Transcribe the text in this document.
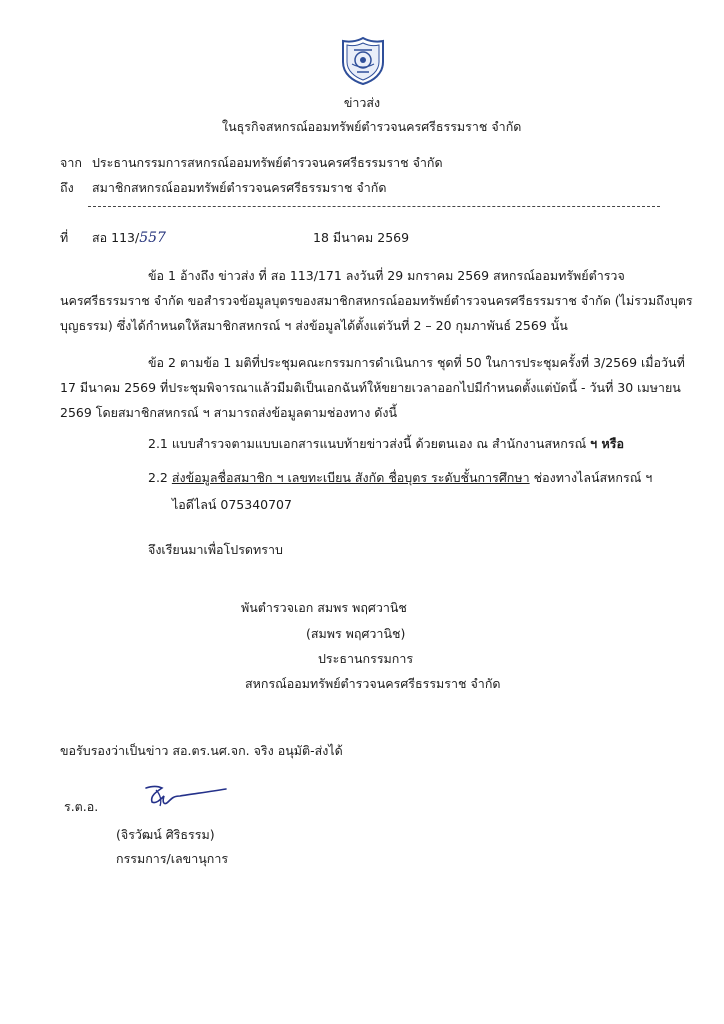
ข่าวส่ง
ในธุรกิจสหกรณ์ออมทรัพย์ตำรวจนครศรีธรรมราช จำกัด
จาก ประธานกรรมการสหกรณ์ออมทรัพย์ตำรวจนครศรีธรรมราช จำกัด
ถึง สมาชิกสหกรณ์ออมทรัพย์ตำรวจนครศรีธรรมราช จำกัด
ที่ สอ 113/557	18 มีนาคม 2569
ข้อ 1 อ้างถึง ข่าวส่ง ที่ สอ 113/171 ลงวันที่ 29 มกราคม 2569 สหกรณ์ออมทรัพย์ตำรวจ
นครศรีธรรมราช จำกัด ขอสำรวจข้อมูลบุตรของสมาชิกสหกรณ์ออมทรัพย์ตำรวจนครศรีธรรมราช จำกัด (ไม่รวมถึงบุตร
บุญธรรม) ซึ่งได้กำหนดให้สมาชิกสหกรณ์ ฯ ส่งข้อมูลได้ตั้งแต่วันที่ 2 – 20 กุมภาพันธ์ 2569 นั้น
ข้อ 2 ตามข้อ 1 มติที่ประชุมคณะกรรมการดำเนินการ ชุดที่ 50 ในการประชุมครั้งที่ 3/2569 เมื่อวันที่
17 มีนาคม 2569 ที่ประชุมพิจารณาแล้วมีมติเป็นเอกฉันท์ให้ขยายเวลาออกไปมีกำหนดตั้งแต่บัดนี้ - วันที่ 30 เมษายน
2569 โดยสมาชิกสหกรณ์ ฯ สามารถส่งข้อมูลตามช่องทาง ดังนี้
2.1 แบบสำรวจตามแบบเอกสารแนบท้ายข่าวส่งนี้ ด้วยตนเอง ณ สำนักงานสหกรณ์ ฯ หรือ
2.2 ส่งข้อมูลชื่อสมาชิก ฯ เลขทะเบียน สังกัด ชื่อบุตร ระดับชั้นการศึกษา ช่องทางไลน์สหกรณ์ ฯ
ไอดีไลน์ 075340707
จึงเรียนมาเพื่อโปรดทราบ
พันตำรวจเอก สมพร พฤศวานิช
(สมพร พฤศวานิช)
ประธานกรรมการ
สหกรณ์ออมทรัพย์ตำรวจนครศรีธรรมราช จำกัด
ขอรับรองว่าเป็นข่าว สอ.ตร.นศ.จก. จริง อนุมัติ-ส่งได้
ร.ต.อ.
(จิรวัฒน์ ศิริธรรม)
กรรมการ/เลขานุการ
